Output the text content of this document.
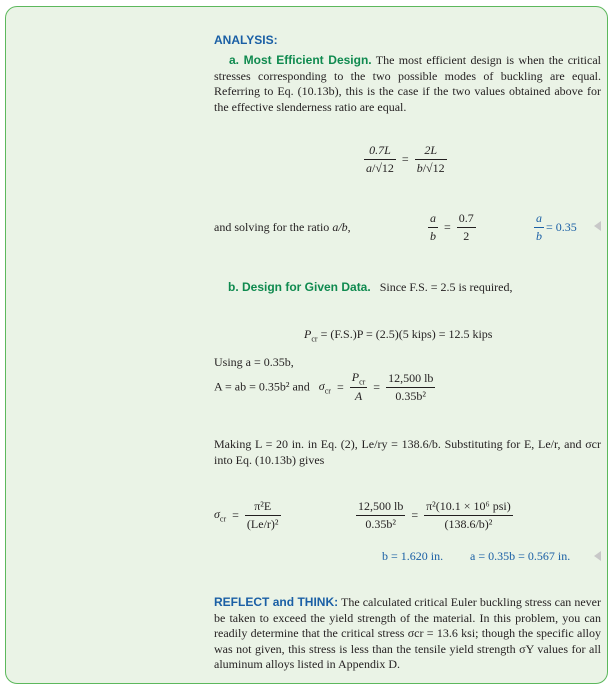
ANALYSIS:
a. Most Efficient Design. The most efficient design is when the critical stresses corresponding to the two possible modes of buckling are equal. Referring to Eq. (10.13b), this is the case if the two values obtained above for the effective slenderness ratio are equal.
$\frac{0.7L}{a/√12} = \frac{2L}{b/√12}$
and solving for the ratio a/b,	$\frac{a}{b} = \frac{0.7}{2}$	$\frac{a}{b} = 0.35$
b. Design for Given Data. Since F.S. = 2.5 is required,
$P_{cr} = (F.S.)P = (2.5)(5$ kips) = 12.5 kips
Using a = 0.35b,
A = ab = 0.35b² and $\sigma_{cr} = \frac{P_{cr}}{A} = \frac{12,500 lb}{\text{0.35b²}}$
Making L = 20 in. in Eq. (2), Le/ry = 138.6/b. Substituting for E, Le/r, and σcr into Eq. (10.13b) gives
$\sigma_{cr} = \frac{\text{π²E}}{\text{(Le/r)²}}$	$\frac{12,500 lb}{\text{0.35b²}} = \frac{\text{π²(10.1 × 10⁶ psi)}}{\text{(138.6/b)²}}$
b = 1.620 in. a = 0.35b = 0.567 in.
REFLECT and THINK: The calculated critical Euler buckling stress can never be taken to exceed the yield strength of the material. In this problem, you can readily determine that the critical stress σcr = 13.6 ksi; though the specific alloy was not given, this stress is less than the tensile yield strength σY values for all aluminum alloys listed in Appendix D.
